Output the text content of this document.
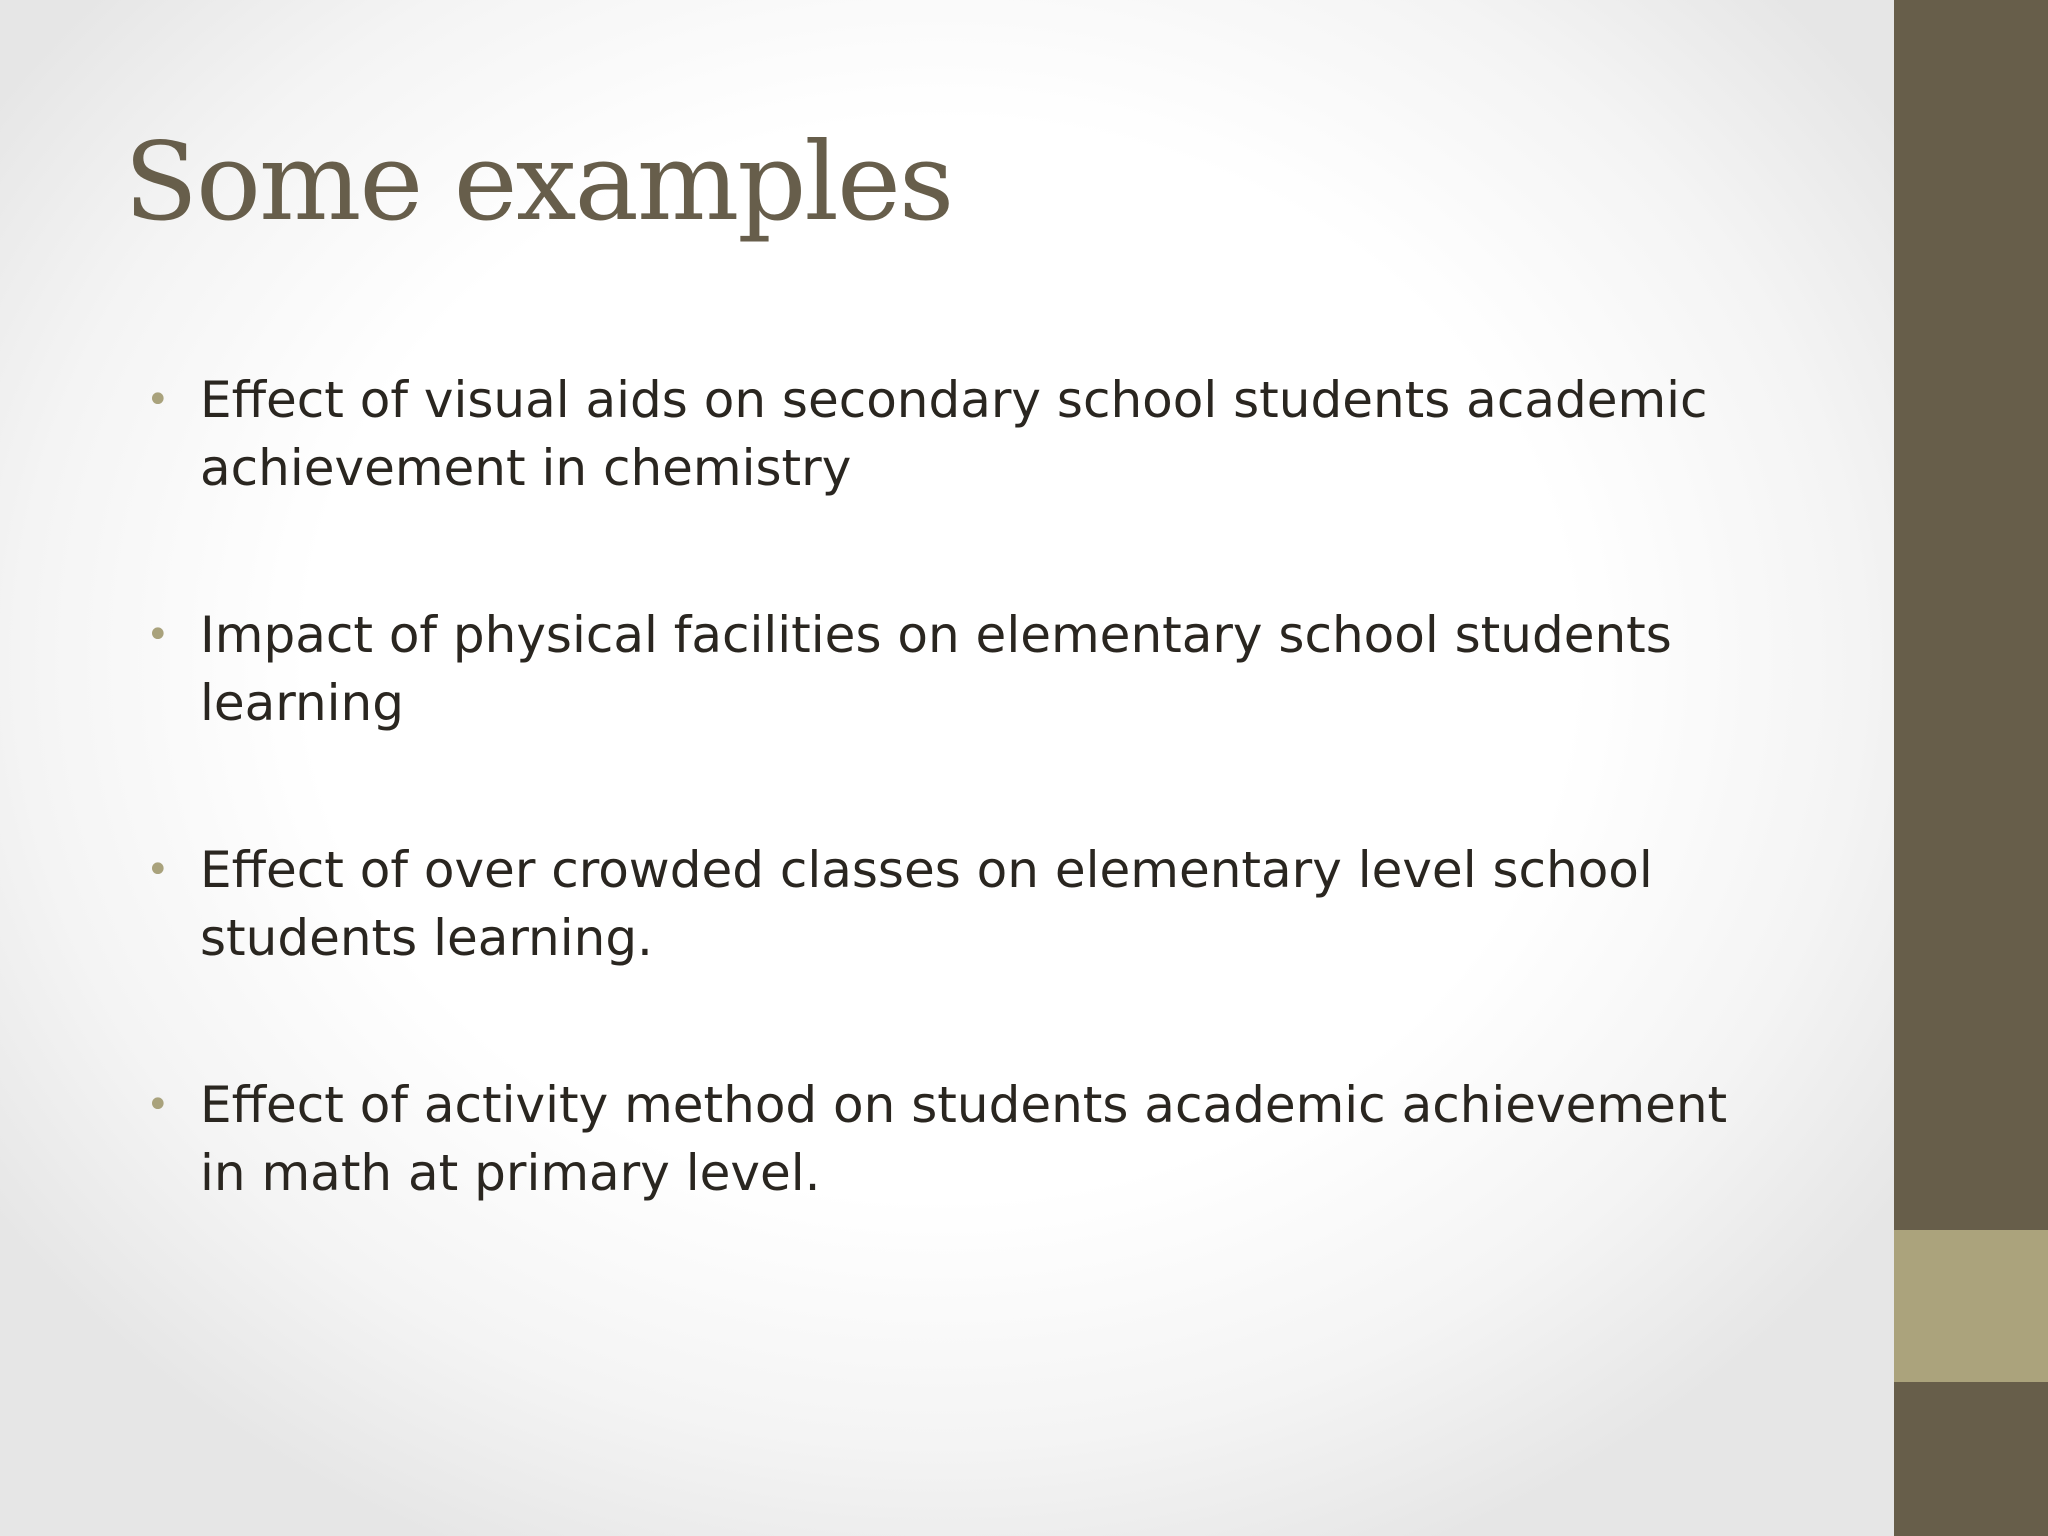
Some examples
• Effect of visual aids on secondary school students academic achievement in chemistry
• Impact of physical facilities on elementary school students learning
• Effect of over crowded classes on elementary level school students learning.
• Effect of activity method on students academic achievement in math at primary level.
